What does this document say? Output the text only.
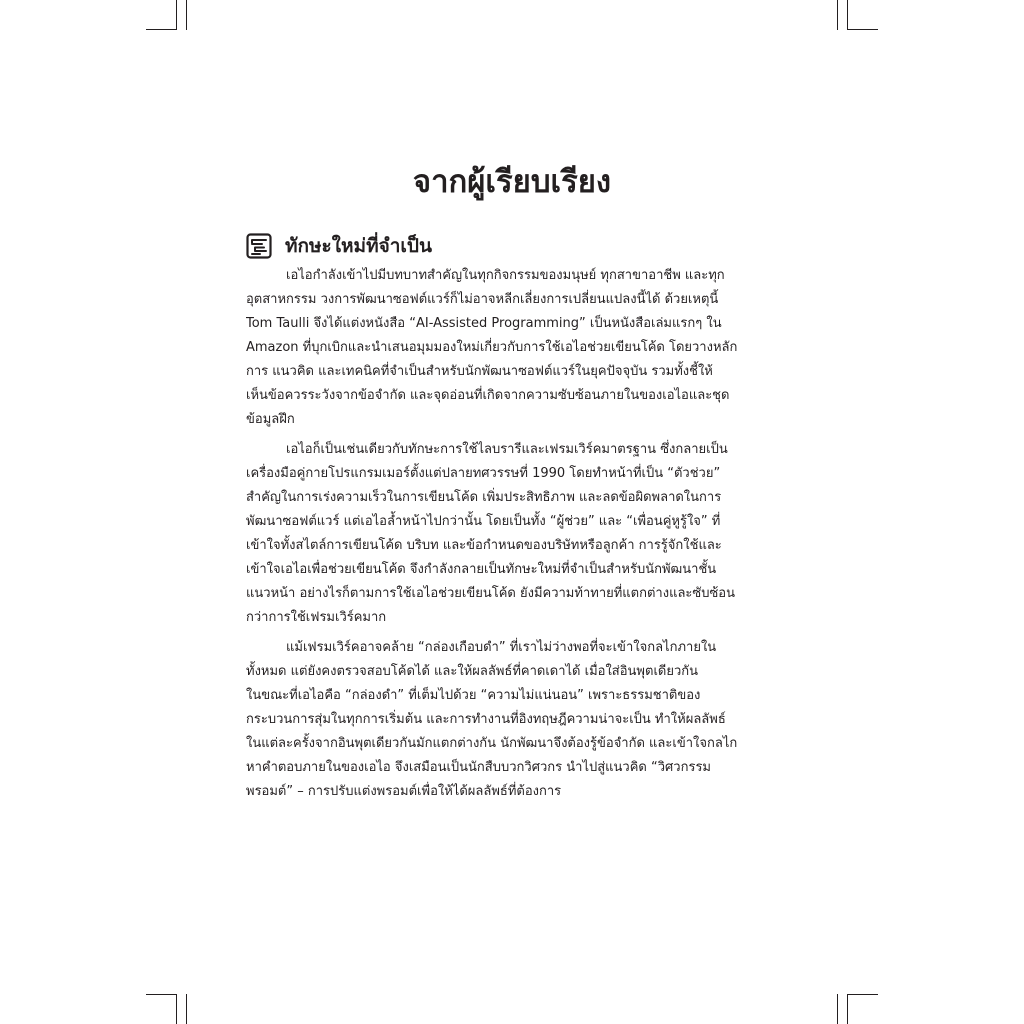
จากผู้เรียบเรียง
ทักษะใหม่ที่จำเป็น

เอไอกำลังเข้าไปมีบทบาทสำคัญในทุกกิจกรรมของมนุษย์ ทุกสาขาอาชีพ และทุก
อุตสาหกรรม วงการพัฒนาซอฟต์แวร์ก็ไม่อาจหลีกเลี่ยงการเปลี่ยนแปลงนี้ได้ ด้วยเหตุนี้
Tom Taulli จึงได้แต่งหนังสือ “AI-Assisted Programming” เป็นหนังสือเล่มแรกๆ ใน
Amazon ที่บุกเบิกและนำเสนอมุมมองใหม่เกี่ยวกับการใช้เอไอช่วยเขียนโค้ด โดยวางหลัก
การ แนวคิด และเทคนิคที่จำเป็นสำหรับนักพัฒนาซอฟต์แวร์ในยุคปัจจุบัน รวมทั้งชี้ให้
เห็นข้อควรระวังจากข้อจำกัด และจุดอ่อนที่เกิดจากความซับซ้อนภายในของเอไอและชุด
ข้อมูลฝึก

เอไอก็เป็นเช่นเดียวกับทักษะการใช้ไลบรารีและเฟรมเวิร์คมาตรฐาน ซึ่งกลายเป็น
เครื่องมือคู่กายโปรแกรมเมอร์ตั้งแต่ปลายทศวรรษที่ 1990 โดยทำหน้าที่เป็น “ตัวช่วย”
สำคัญในการเร่งความเร็วในการเขียนโค้ด เพิ่มประสิทธิภาพ และลดข้อผิดพลาดในการ
พัฒนาซอฟต์แวร์ แต่เอไอล้ำหน้าไปกว่านั้น โดยเป็นทั้ง “ผู้ช่วย” และ “เพื่อนคู่หูรู้ใจ” ที่
เข้าใจทั้งสไตล์การเขียนโค้ด บริบท และข้อกำหนดของบริษัทหรือลูกค้า การรู้จักใช้และ
เข้าใจเอไอเพื่อช่วยเขียนโค้ด จึงกำลังกลายเป็นทักษะใหม่ที่จำเป็นสำหรับนักพัฒนาชั้น
แนวหน้า อย่างไรก็ตามการใช้เอไอช่วยเขียนโค้ด ยังมีความท้าทายที่แตกต่างและซับซ้อน
กว่าการใช้เฟรมเวิร์คมาก

แม้เฟรมเวิร์คอาจคล้าย “กล่องเกือบดำ” ที่เราไม่ว่างพอที่จะเข้าใจกลไกภายใน
ทั้งหมด แต่ยังคงตรวจสอบโค้ดได้ และให้ผลลัพธ์ที่คาดเดาได้ เมื่อใส่อินพุตเดียวกัน
ในขณะที่เอไอคือ “กล่องดำ” ที่เต็มไปด้วย “ความไม่แน่นอน” เพราะธรรมชาติของ
กระบวนการสุ่มในทุกการเริ่มต้น และการทำงานที่อิงทฤษฎีความน่าจะเป็น ทำให้ผลลัพธ์
ในแต่ละครั้งจากอินพุตเดียวกันมักแตกต่างกัน นักพัฒนาจึงต้องรู้ข้อจำกัด และเข้าใจกลไก
หาคำตอบภายในของเอไอ จึงเสมือนเป็นนักสืบบวกวิศวกร นำไปสู่แนวคิด “วิศวกรรม
พรอมต์” – การปรับแต่งพรอมต์เพื่อให้ได้ผลลัพธ์ที่ต้องการ
